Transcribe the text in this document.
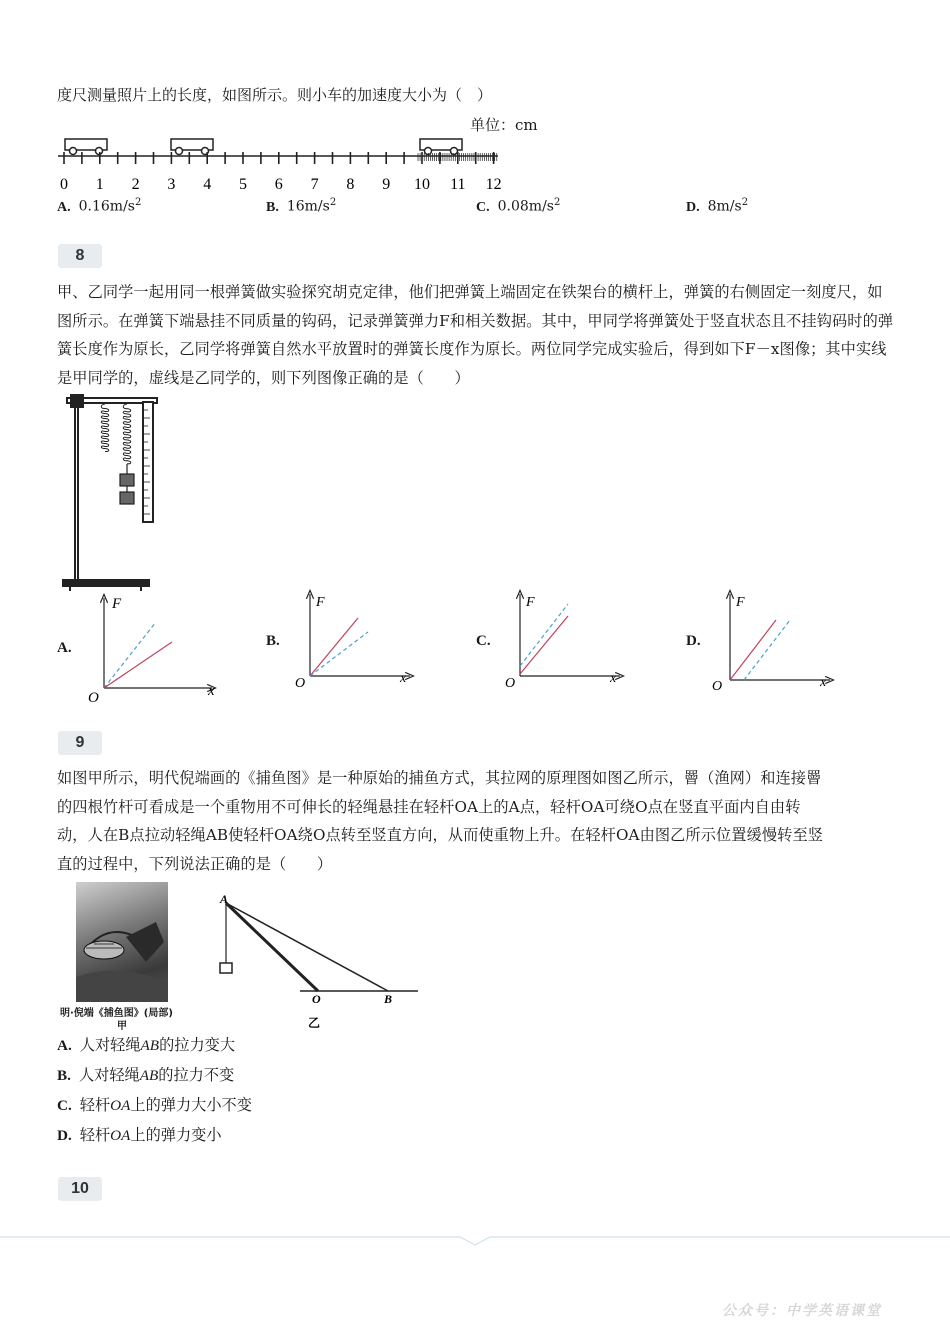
度尺测量照片上的长度，如图所示。则小车的加速度大小为（　）
单位：cm
0 1 2 3 4 5 6 7 8 9 10 11 12
A. $0.16m/s^2$	B. $16m/s^2$	C. $0.08m/s^2$	D. $8m/s^2$
8
甲、乙同学一起用同一根弹簧做实验探究胡克定律，他们把弹簧上端固定在铁架台的横杆上，弹簧的右侧固定一刻度尺，如图所示。在弹簧下端悬挂不同质量的钩码，记录弹簧弹力F和相关数据。其中，甲同学将弹簧处于竖直状态且不挂钩码时的弹簧长度作为原长，乙同学将弹簧自然水平放置时的弹簧长度作为原长。两位同学完成实验后，得到如下F－x图像；其中实线是甲同学的，虚线是乙同学的，则下列图像正确的是（　　）
A.
F
x
O
B.
F
x
O
C.
F
x
O
D.
F
x
O
9
如图甲所示，明代倪端画的《捕鱼图》是一种原始的捕鱼方式，其拉网的原理图如图乙所示，罾（渔网）和连接罾
的四根竹杆可看成是一个重物用不可伸长的轻绳悬挂在轻杆OA上的A点，轻杆OA可绕O点在竖直平面内自由转
动，人在B点拉动轻绳AB使轻杆OA绕O点转至竖直方向，从而使重物上升。在轻杆OA由图乙所示位置缓慢转至竖
直的过程中，下列说法正确的是（　　）
明·倪端《捕鱼图》(局部)
甲
A
O	B
乙
A. 人对轻绳AB的拉力变大
B. 人对轻绳AB的拉力不变
C. 轻杆OA上的弹力大小不变
D. 轻杆OA上的弹力变小
10
公众号：中学英语课堂
